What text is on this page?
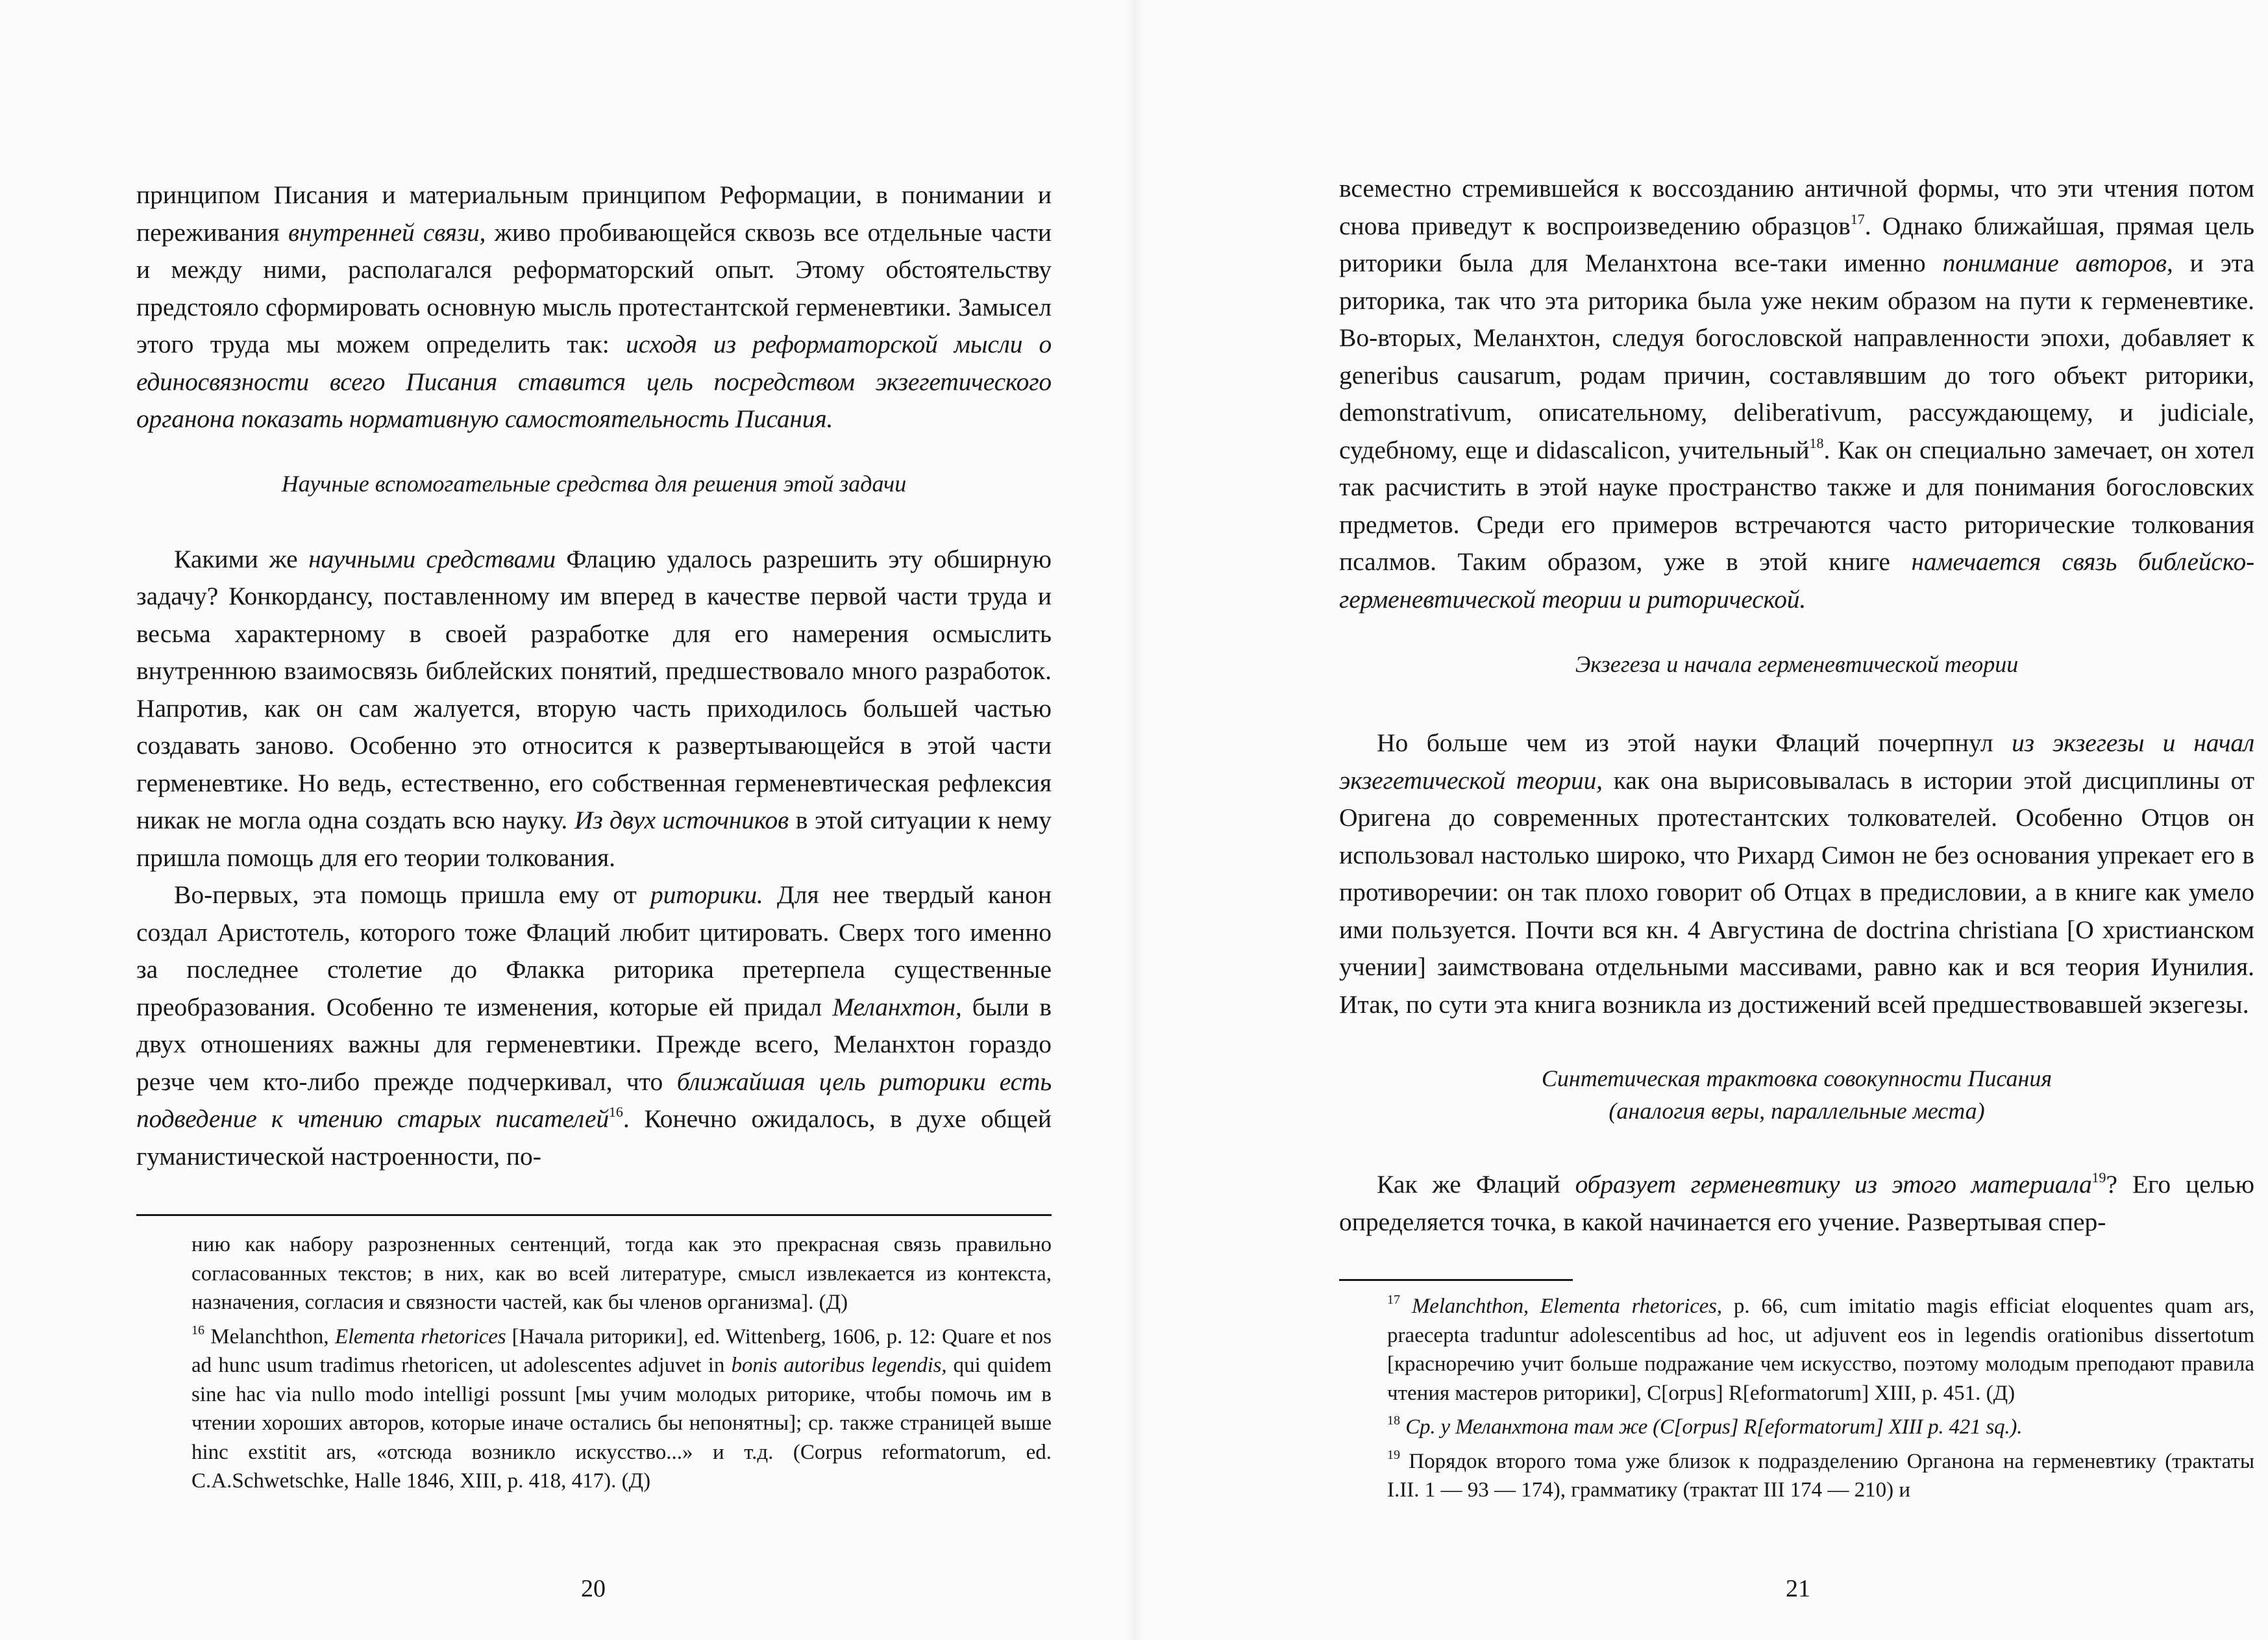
принципом Писания и материальным принципом Реформации, в понимании и переживания внутренней связи, живо пробивающейся сквозь все отдельные части и между ними, располагался реформаторский опыт. Этому обстоятельству предстояло сформировать основную мысль протестантской герменевтики. Замысел этого труда мы можем определить так: исходя из реформаторской мысли о единосвязности всего Писания ставится цель посредством экзегетического органона показать нормативную самостоятельность Писания.

Научные вспомогательные средства для решения этой задачи

Какими же научными средствами Флацию удалось разрешить эту обширную задачу? Конкордансу, поставленному им вперед в качестве первой части труда и весьма характерному в своей разработке для его намерения осмыслить внутреннюю взаимосвязь библейских понятий, предшествовало много разработок. Напротив, как он сам жалуется, вторую часть приходилось большей частью создавать заново. Особенно это относится к развертывающейся в этой части герменевтике. Но ведь, естественно, его собственная герменевтическая рефлексия никак не могла одна создать всю науку. Из двух источников в этой ситуации к нему пришла помощь для его теории толкования.

Во-первых, эта помощь пришла ему от риторики. Для нее твердый канон создал Аристотель, которого тоже Флаций любит цитировать. Сверх того именно за последнее столетие до Флакка риторика претерпела существенные преобразования. Особенно те изменения, которые ей придал Меланхтон, были в двух отношениях важны для герменевтики. Прежде всего, Меланхтон гораздо резче чем кто-либо прежде подчеркивал, что ближайшая цель риторики есть подведение к чтению старых писателей$^{16}$. Конечно ожидалось, в духе общей гуманистической настроенности, по-

нию как набору разрозненных сентенций, тогда как это прекрасная связь правильно согласованных текстов; в них, как во всей литературе, смысл извлекается из контекста, назначения, согласия и связности частей, как бы членов организма]. (Д)

$^{16}$ Melanchthon, Elementa rhetorices [Начала риторики], ed. Wittenberg, 1606, p. 12: Quare et nos ad hunc usum tradimus rhetoricen, ut adolescentes adjuvet in bonis autoribus legendis, qui quidem sine hac via nullo modo intelligi possunt [мы учим молодых риторике, чтобы помочь им в чтении хороших авторов, которые иначе остались бы непонятны]; ср. также страницей выше hinc exstitit ars, «отсюда возникло искусство...» и т.д. (Corpus reformatorum, ed. C.A.Schwetschke, Halle 1846, XIII, p. 418, 417). (Д)

20

всеместно стремившейся к воссозданию античной формы, что эти чтения потом снова приведут к воспроизведению образцов$^{17}$. Однако ближайшая, прямая цель риторики была для Меланхтона все-таки именно понимание авторов, и эта риторика, так что эта риторика была уже неким образом на пути к герменевтике. Во-вторых, Меланхтон, следуя богословской направленности эпохи, добавляет к generibus causarum, родам причин, составлявшим до того объект риторики, demonstrativum, описательному, deliberativum, рассуждающему, и judiciale, судебному, еще и didascalicon, учительный$^{18}$. Как он специально замечает, он хотел так расчистить в этой науке пространство также и для понимания богословских предметов. Среди его примеров встречаются часто риторические толкования псалмов. Таким образом, уже в этой книге намечается связь библейско-герменевтической теории и риторической.

Экзегеза и начала герменевтической теории

Но больше чем из этой науки Флаций почерпнул из экзегезы и начал экзегетической теории, как она вырисовывалась в истории этой дисциплины от Оригена до современных протестантских толкователей. Особенно Отцов он использовал настолько широко, что Рихард Симон не без основания упрекает его в противоречии: он так плохо говорит об Отцах в предисловии, а в книге как умело ими пользуется. Почти вся кн. 4 Августина de doctrina christiana [О христианском учении] заимствована отдельными массивами, равно как и вся теория Иунилия. Итак, по сути эта книга возникла из достижений всей предшествовавшей экзегезы.

Синтетическая трактовка совокупности Писания
(аналогия веры, параллельные места)

Как же Флаций образует герменевтику из этого материала$^{19}$? Его целью определяется точка, в какой начинается его учение. Развертывая спер-

$^{17}$ Melanchthon, Elementa rhetorices, p. 66, cum imitatio magis efficiat eloquentes quam ars, praecepta traduntur adolescentibus ad hoc, ut adjuvent eos in legendis orationibus dissertotum [красноречию учит больше подражание чем искусство, поэтому молодым преподают правила чтения мастеров риторики], C[orpus] R[eformatorum] XIII, p. 451. (Д)

$^{18}$ Ср. у Меланхтона там же (C[orpus] R[eformatorum] XIII p. 421 sq.).

$^{19}$ Порядок второго тома уже близок к подразделению Органона на герменевтику (трактаты I.II. 1 — 93 — 174), грамматику (трактат III 174 — 210) и

21
